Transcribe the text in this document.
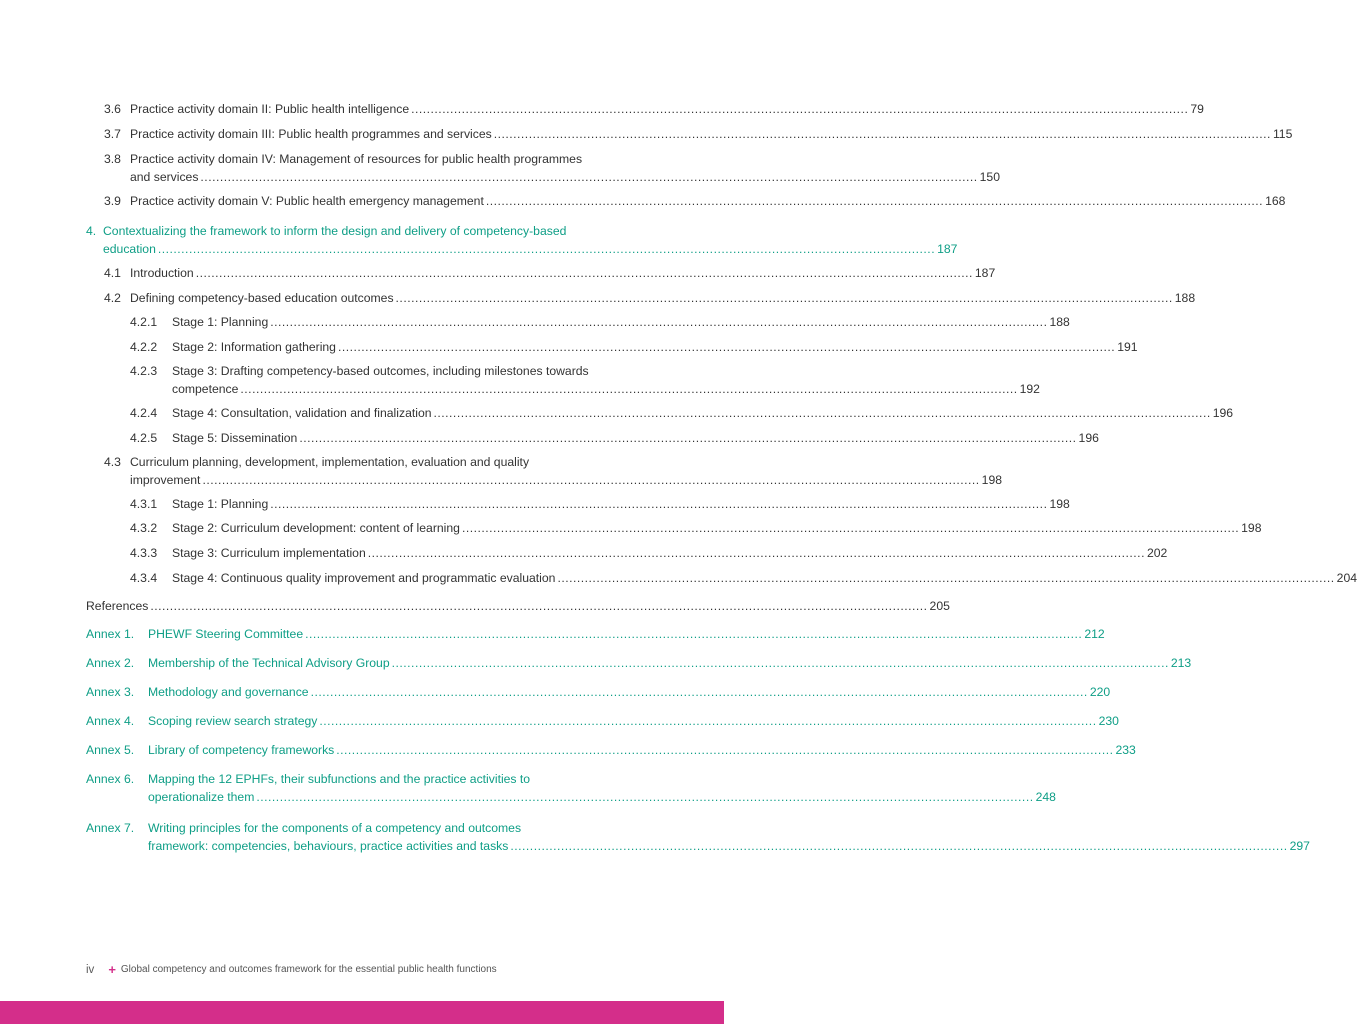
3.6 Practice activity domain II: Public health intelligence ........................................................................................................................................................................................................ 79
3.7 Practice activity domain III: Public health programmes and services ........................................................................................................................................................................................................ 115
3.8 Practice activity domain IV: Management of resources for public health programmes
and services ........................................................................................................................................................................................................ 150
3.9 Practice activity domain V: Public health emergency management ........................................................................................................................................................................................................ 168
4. Contextualizing the framework to inform the design and delivery of competency-based
education ........................................................................................................................................................................................................ 187
4.1 Introduction ........................................................................................................................................................................................................ 187
4.2 Defining competency-based education outcomes ........................................................................................................................................................................................................ 188
4.2.1	Stage 1: Planning ........................................................................................................................................................................................................ 188
4.2.2	Stage 2: Information gathering ........................................................................................................................................................................................................ 191
4.2.3	Stage 3: Drafting competency-based outcomes, including milestones towards
competence ........................................................................................................................................................................................................ 192
4.2.4	Stage 4: Consultation, validation and finalization ........................................................................................................................................................................................................ 196
4.2.5	Stage 5: Dissemination ........................................................................................................................................................................................................ 196
4.3 Curriculum planning, development, implementation, evaluation and quality
improvement ........................................................................................................................................................................................................ 198
4.3.1	Stage 1: Planning ........................................................................................................................................................................................................ 198
4.3.2	Stage 2: Curriculum development: content of learning ........................................................................................................................................................................................................ 198
4.3.3	Stage 3: Curriculum implementation ........................................................................................................................................................................................................ 202
4.3.4	Stage 4: Continuous quality improvement and programmatic evaluation ........................................................................................................................................................................................................ 204
References ........................................................................................................................................................................................................ 205
Annex 1.	PHEWF Steering Committee ........................................................................................................................................................................................................ 212
Annex 2.	Membership of the Technical Advisory Group ........................................................................................................................................................................................................ 213
Annex 3.	Methodology and governance ........................................................................................................................................................................................................ 220
Annex 4.	Scoping review search strategy ........................................................................................................................................................................................................ 230
Annex 5.	Library of competency frameworks ........................................................................................................................................................................................................ 233
Annex 6.	Mapping the 12 EPHFs, their subfunctions and the practice activities to
operationalize them ........................................................................................................................................................................................................ 248
Annex 7.	Writing principles for the components of a competency and outcomes
framework: competencies, behaviours, practice activities and tasks ........................................................................................................................................................................................................ 297
iv + Global competency and outcomes framework for the essential public health functions
